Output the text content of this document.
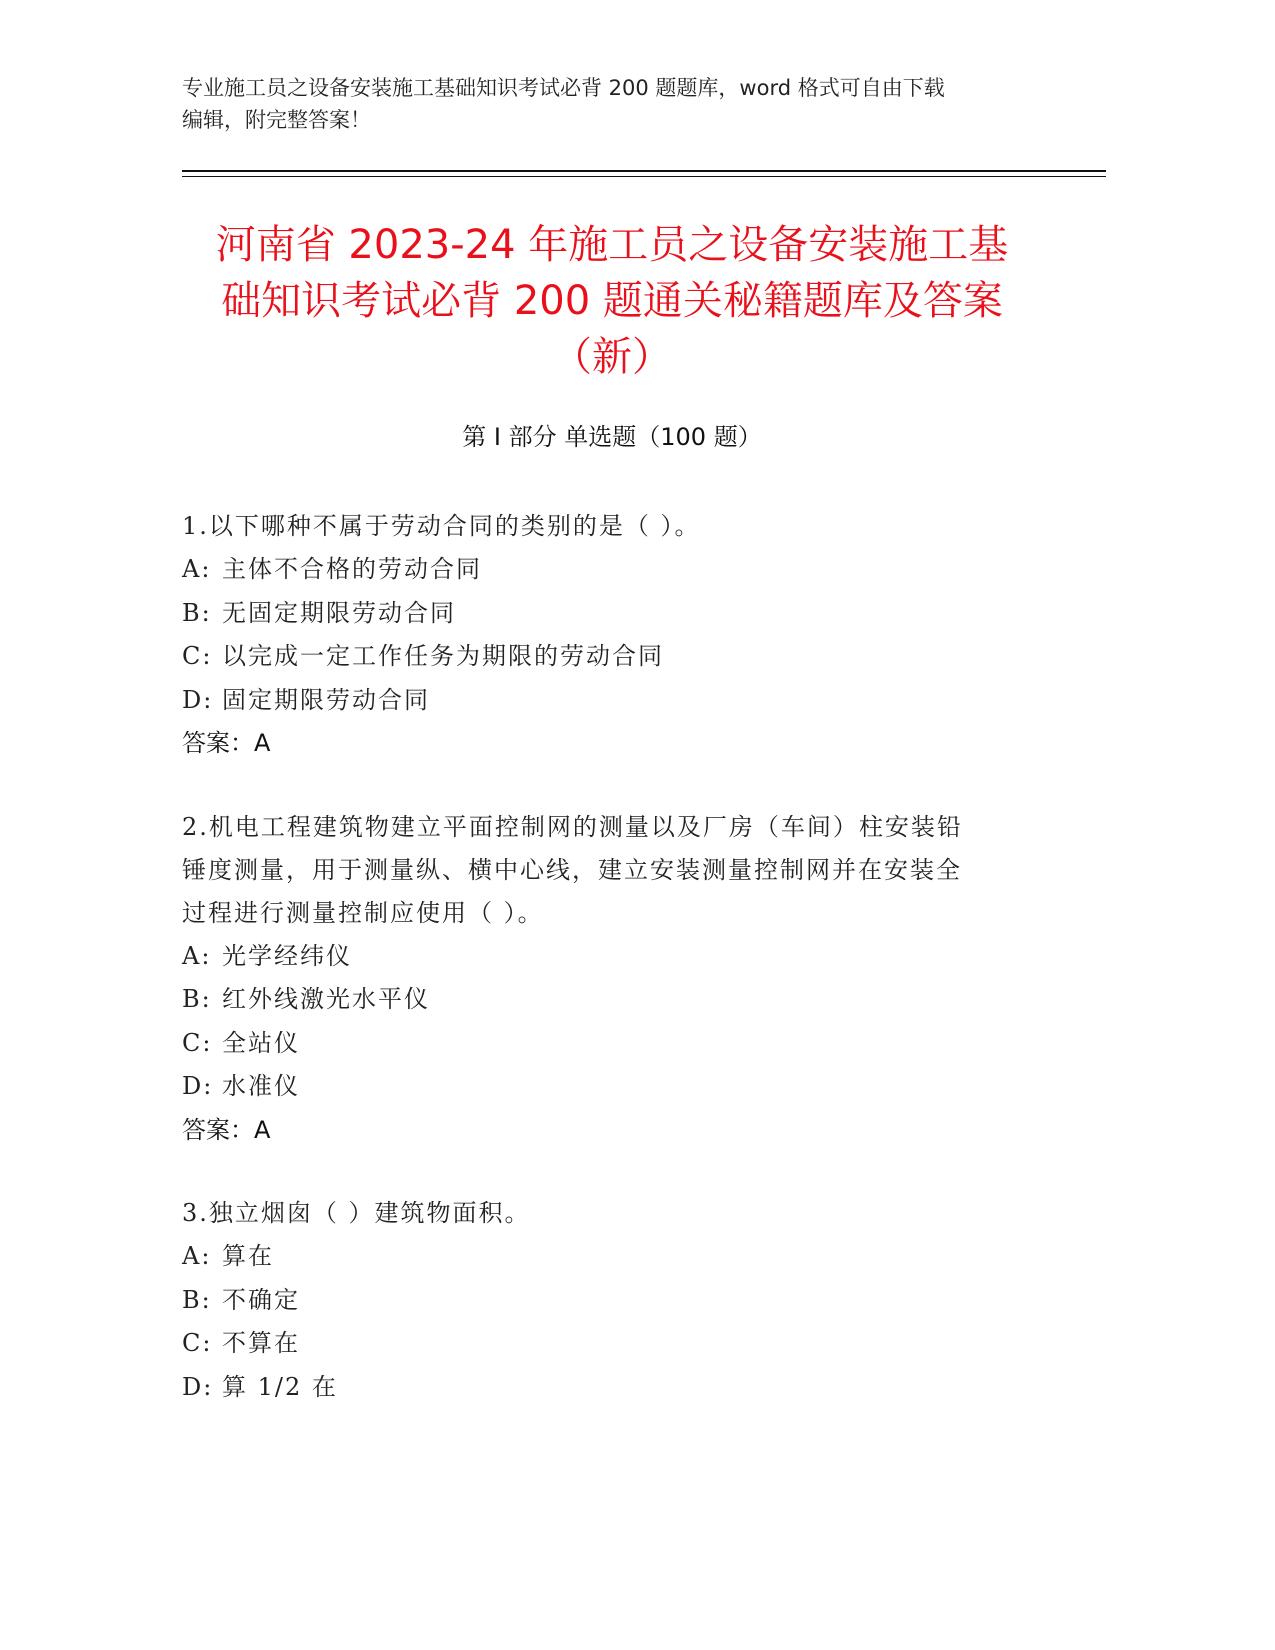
专业施工员之设备安装施工基础知识考试必背 200 题题库，word 格式可自由下载
编辑，附完整答案！
河南省 2023-24 年施工员之设备安装施工基
础知识考试必背 200 题通关秘籍题库及答案
（新）
第 I 部分 单选题（100 题）

1.以下哪种不属于劳动合同的类别的是（ ）。

A: 主体不合格的劳动合同

B: 无固定期限劳动合同

C: 以完成一定工作任务为期限的劳动合同

D: 固定期限劳动合同

答案：A

2.机电工程建筑物建立平面控制网的测量以及厂房（车间）柱安装铅

锤度测量，用于测量纵、横中心线，建立安装测量控制网并在安装全

过程进行测量控制应使用（ ）。

A: 光学经纬仪

B: 红外线激光水平仪

C: 全站仪

D: 水准仪

答案：A

3.独立烟囱（ ）建筑物面积。

A: 算在

B: 不确定

C: 不算在

D: 算 1/2 在
